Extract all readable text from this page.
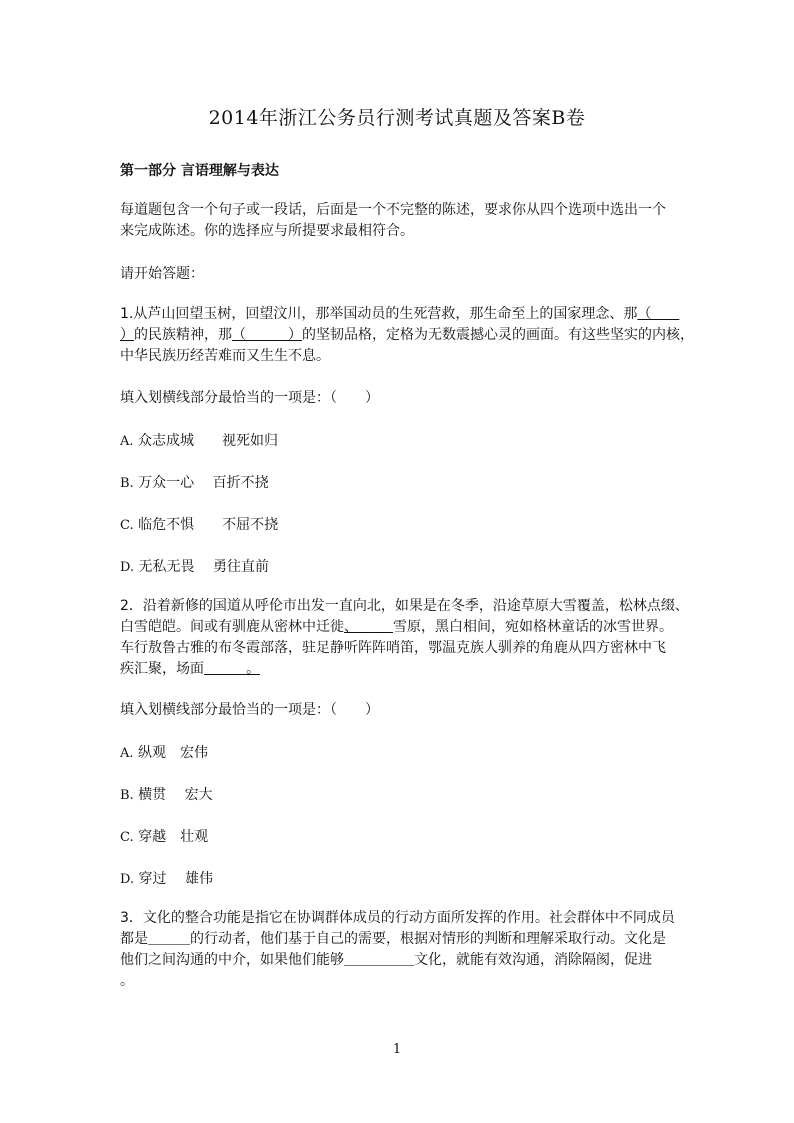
2014年浙江公务员行测考试真题及答案B卷
第一部分 言语理解与表达
每道题包含一个句子或一段话，后面是一个不完整的陈述，要求你从四个选项中选出一个
来完成陈述。你的选择应与所提要求最相符合。
请开始答题：
1.从芦山回望玉树，回望汶川，那举国动员的生死营救，那生命至上的国家理念、那（　　
）的民族精神，那（　　　）的坚韧品格，定格为无数震撼心灵的画面。有这些坚实的内核，
中华民族历经苦难而又生生不息。
填入划横线部分最恰当的一项是：（　　）
A. 众志成城　　视死如归
B. 万众一心　 百折不挠
C. 临危不惧　　不屈不挠
D. 无私无畏　 勇往直前
2．沿着新修的国道从呼伦市出发一直向北，如果是在冬季，沿途草原大雪覆盖，松林点缀、
白雪皑皑。间或有驯鹿从密林中迁徙、　　　雪原，黑白相间，宛如格林童话的冰雪世界。
车行敖鲁古雅的布冬霞部落，驻足静听阵阵哨笛，鄂温克族人驯养的角鹿从四方密林中飞
疾汇聚，场面　　　。
填入划横线部分最恰当的一项是：（　　）
A. 纵观　宏伟
B. 横贯　 宏大
C. 穿越　壮观
D. 穿过　 雄伟
3．文化的整合功能是指它在协调群体成员的行动方面所发挥的作用。社会群体中不同成员
都是＿＿＿的行动者，他们基于自己的需要，根据对情形的判断和理解采取行动。文化是
他们之间沟通的中介，如果他们能够＿＿＿＿＿文化，就能有效沟通，消除隔阂，促进
。
1
